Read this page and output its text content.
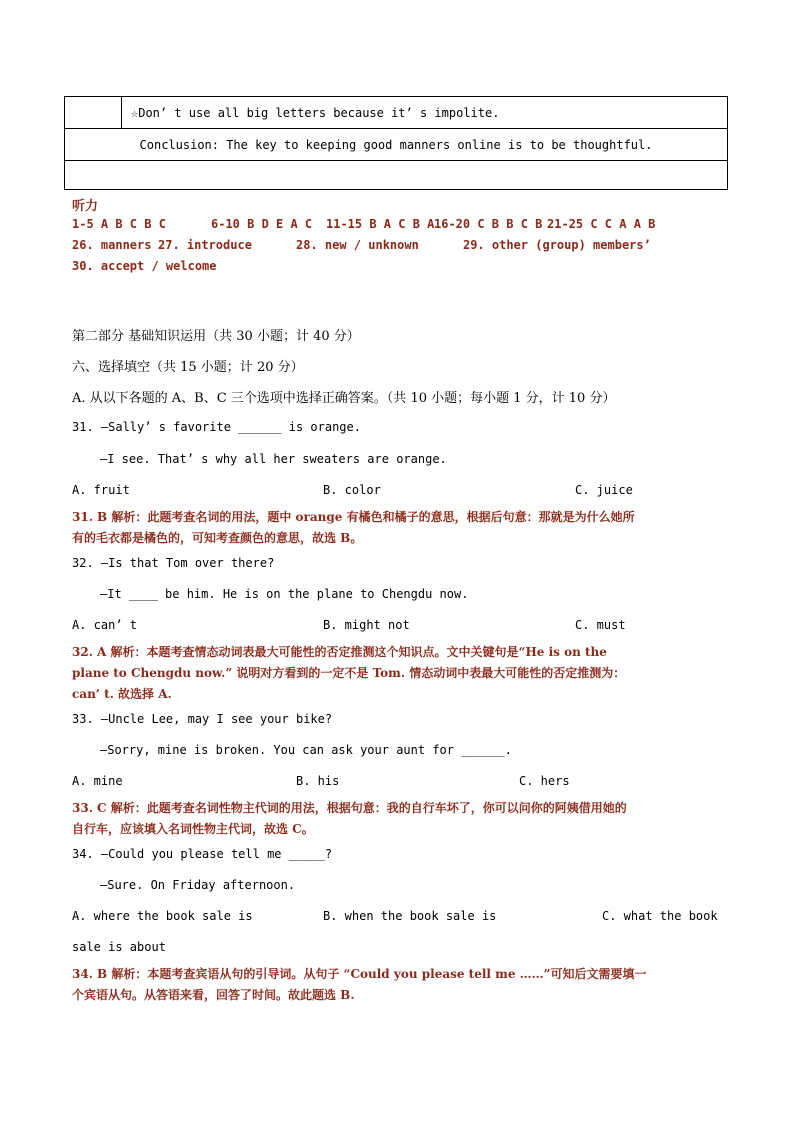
☆Don’ t use all big letters because it’ s impolite.
Conclusion: The key to keeping good manners online is to be thoughtful.
听力
1-5 A B C B C	6-10 B D E A C 11-15 B A C B A 16-20 C B B C B 21-25 C C A A B
26. manners 27. introduce	28. new / unknown	29. other (group) members’
30. accept / welcome
第二部分 基础知识运用（共 30 小题；计 40 分）
六、选择填空（共 15 小题；计 20 分）
A. 从以下各题的 A、B、C 三个选项中选择正确答案。（共 10 小题；每小题 1 分，计 10 分）
31. —Sally’ s favorite ______ is orange.
—I see. That’ s why all her sweaters are orange.
A. fruit	B. color	C. juice
31. B 解析：此题考查名词的用法，题中 orange 有橘色和橘子的意思，根据后句意：那就是为什么她所
有的毛衣都是橘色的，可知考查颜色的意思，故选 B。
32. —Is that Tom over there?
—It ____ be him. He is on the plane to Chengdu now.
A. can’ t	B. might not	C. must
32. A 解析：本题考查情态动词表最大可能性的否定推测这个知识点。文中关键句是“He is on the
plane to Chengdu now.” 说明对方看到的一定不是 Tom. 情态动词中表最大可能性的否定推测为：
can’ t. 故选择 A.
33. —Uncle Lee, may I see your bike?
—Sorry, mine is broken. You can ask your aunt for ______.
A. mine	B. his	C. hers
33. C 解析：此题考查名词性物主代词的用法，根据句意：我的自行车坏了，你可以问你的阿姨借用她的
自行车，应该填入名词性物主代词，故选 C。
34. —Could you please tell me _____?
—Sure. On Friday afternoon.
A. where the book sale is	B. when the book sale is	C. what the book
sale is about
34. B 解析：本题考查宾语从句的引导词。从句子 “Could you please tell me ……”可知后文需要填一
个宾语从句。从答语来看，回答了时间。故此题选 B.
